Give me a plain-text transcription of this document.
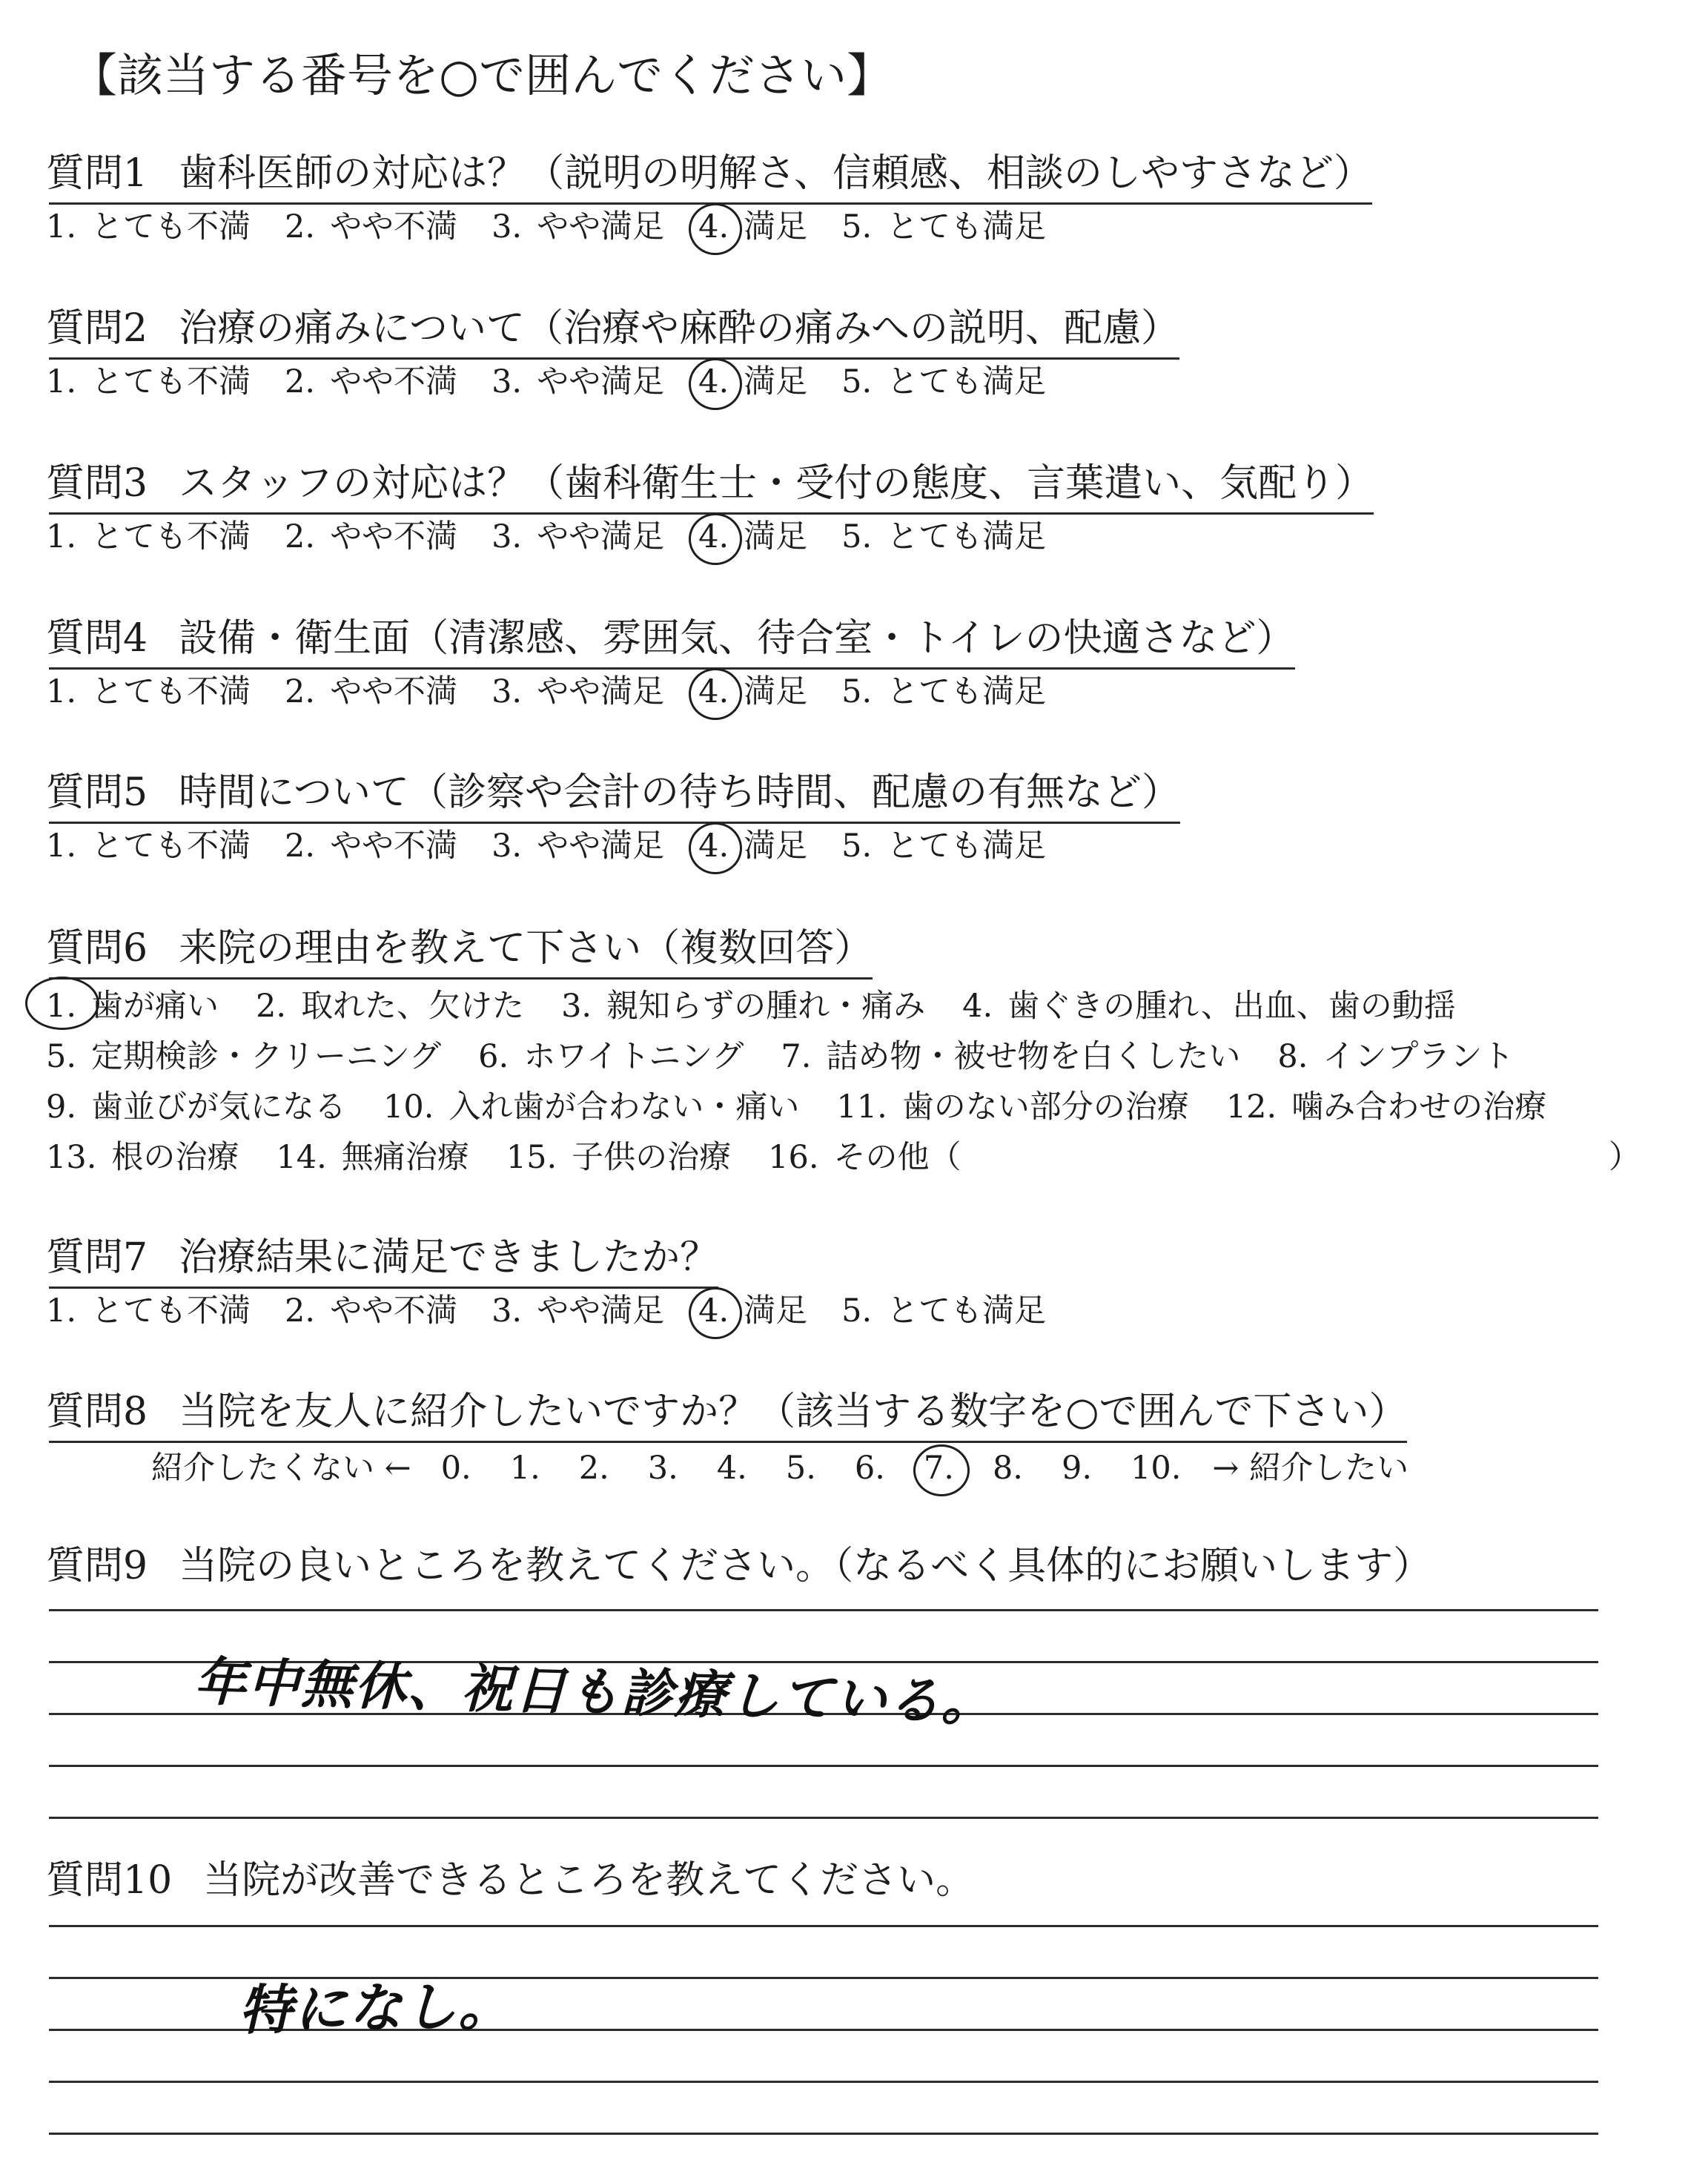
【該当する番号を○で囲んでください】
質問1 歯科医師の対応は？（説明の明解さ、信頼感、相談のしやすさなど）
1. とても不満 2. やや不満 3. やや満足 4. 満足 5. とても満足
質問2 治療の痛みについて（治療や麻酔の痛みへの説明、配慮）
1. とても不満 2. やや不満 3. やや満足 4. 満足 5. とても満足
質問3 スタッフの対応は？（歯科衛生士・受付の態度、言葉遣い、気配り）
1. とても不満 2. やや不満 3. やや満足 4. 満足 5. とても満足
質問4 設備・衛生面（清潔感、雰囲気、待合室・トイレの快適さなど）
1. とても不満 2. やや不満 3. やや満足 4. 満足 5. とても満足
質問5 時間について（診察や会計の待ち時間、配慮の有無など）
1. とても不満 2. やや不満 3. やや満足 4. 満足 5. とても満足
質問6 来院の理由を教えて下さい（複数回答）
1. 歯が痛い 2. 取れた、欠けた 3. 親知らずの腫れ・痛み 4. 歯ぐきの腫れ、出血、歯の動揺
5. 定期検診・クリーニング 6. ホワイトニング 7. 詰め物・被せ物を白くしたい 8. インプラント
9. 歯並びが気になる 10. 入れ歯が合わない・痛い 11. 歯のない部分の治療 12. 噛み合わせの治療
13. 根の治療 14. 無痛治療 15. 子供の治療 16. その他（	）
質問7 治療結果に満足できましたか？
1. とても不満 2. やや不満 3. やや満足 4. 満足 5. とても満足
質問8 当院を友人に紹介したいですか？（該当する数字を○で囲んで下さい）
紹介したくない ← 0. 1. 2. 3. 4. 5. 6. 7. 8. 9. 10. → 紹介したい
質問9 当院の良いところを教えてください。（なるべく具体的にお願いします）
年中無休、祝日も診療している。
質問10 当院が改善できるところを教えてください。
特になし。
